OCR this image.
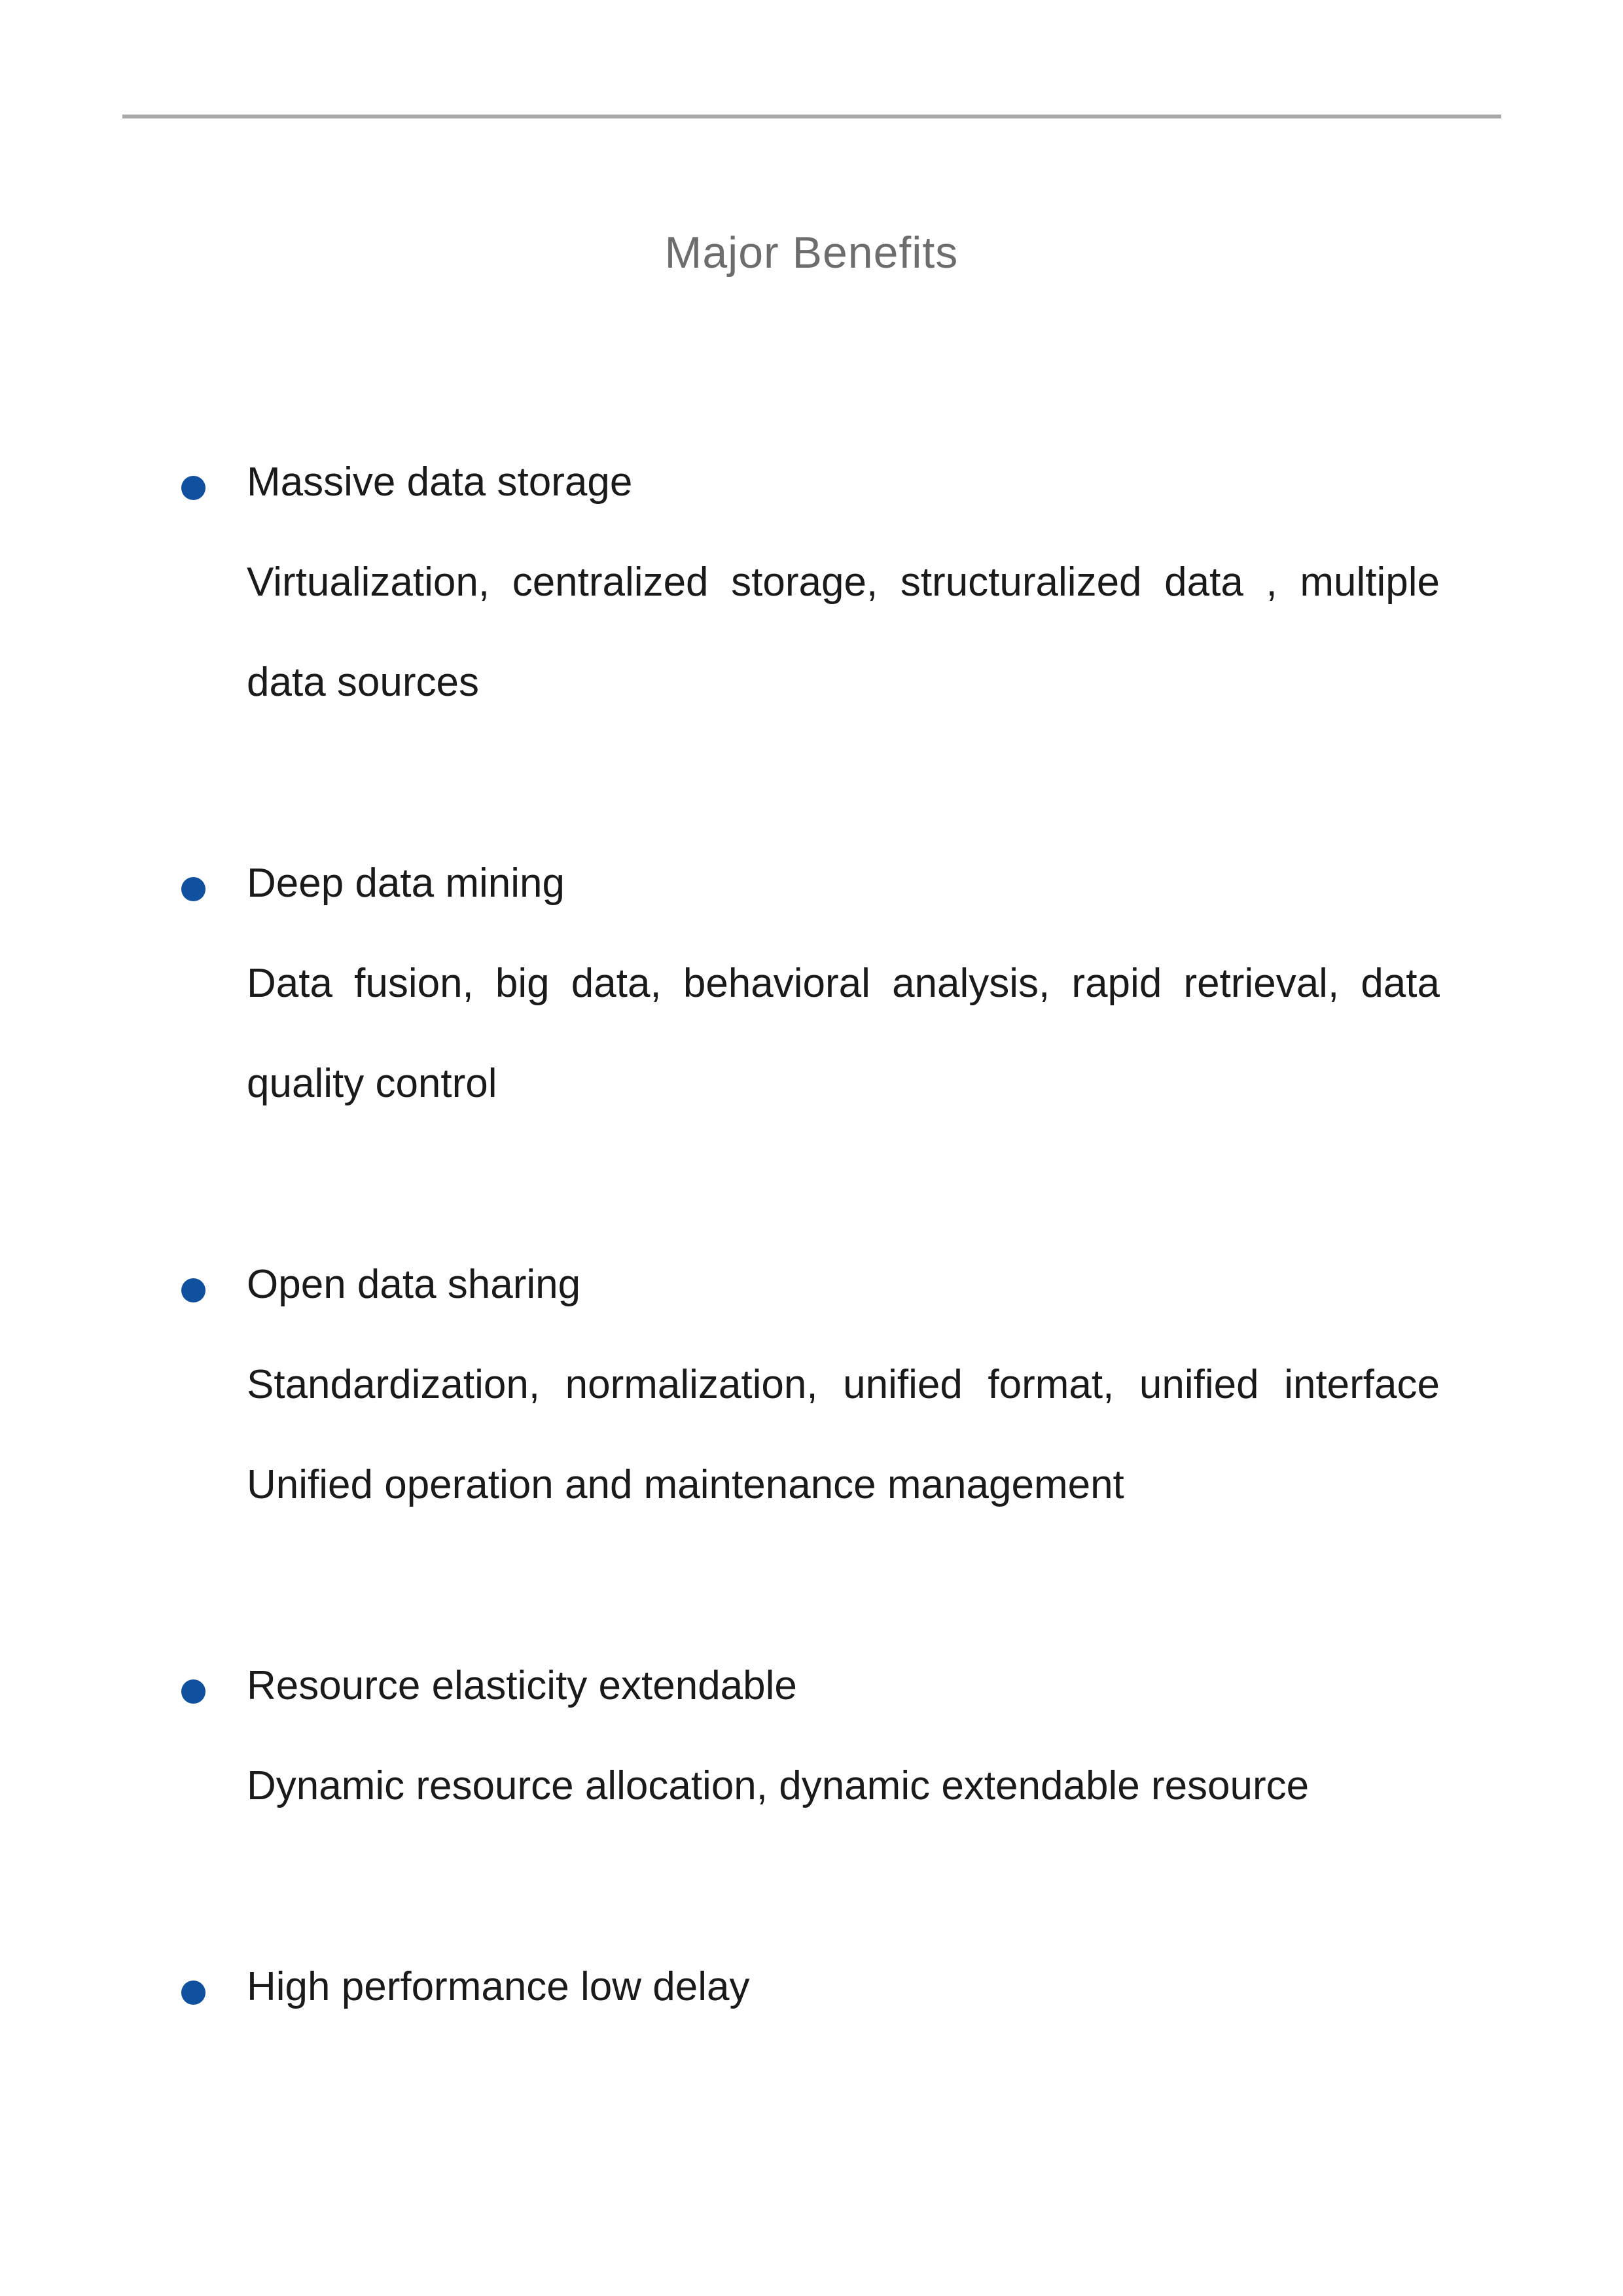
Major Benefits
Massive data storage
Virtualization, centralized storage, structuralized data , multiple
data sources
Deep data mining
Data fusion, big data, behavioral analysis, rapid retrieval, data
quality control
Open data sharing
Standardization, normalization, unified format, unified interface
Unified operation and maintenance management
Resource elasticity extendable
Dynamic resource allocation, dynamic extendable resource
High performance low delay
